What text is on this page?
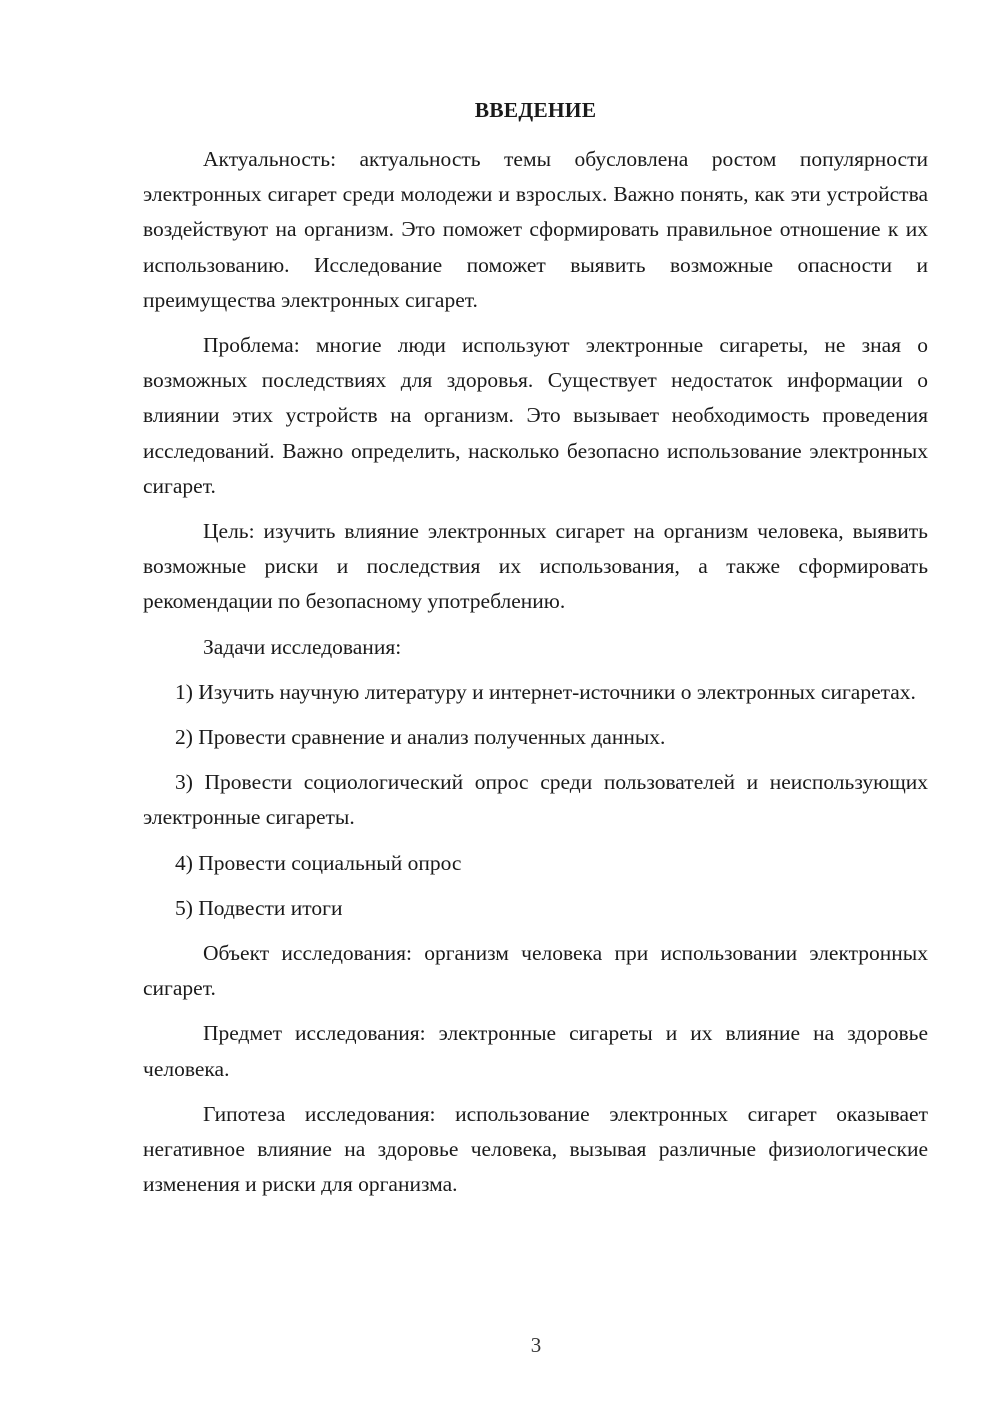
ВВЕДЕНИЕ

Актуальность: актуальность темы обусловлена ростом популярности электронных сигарет среди молодежи и взрослых. Важно понять, как эти устройства воздействуют на организм. Это поможет сформировать правильное отношение к их использованию. Исследование поможет выявить возможные опасности и преимущества электронных сигарет.

Проблема: многие люди используют электронные сигареты, не зная о возможных последствиях для здоровья. Существует недостаток информации о влиянии этих устройств на организм. Это вызывает необходимость проведения исследований. Важно определить, насколько безопасно использование электронных сигарет.

Цель: изучить влияние электронных сигарет на организм человека, выявить возможные риски и последствия их использования, а также сформировать рекомендации по безопасному употреблению.

Задачи исследования:

1) Изучить научную литературу и интернет-источники о электронных сигаретах.

2) Провести сравнение и анализ полученных данных.

3) Провести социологический опрос среди пользователей и неиспользующих электронные сигареты.

4) Провести социальный опрос

5) Подвести итоги

Объект исследования: организм человека при использовании электронных сигарет.

Предмет исследования: электронные сигареты и их влияние на здоровье человека.

Гипотеза исследования: использование электронных сигарет оказывает негативное влияние на здоровье человека, вызывая различные физиологические изменения и риски для организма.

3
